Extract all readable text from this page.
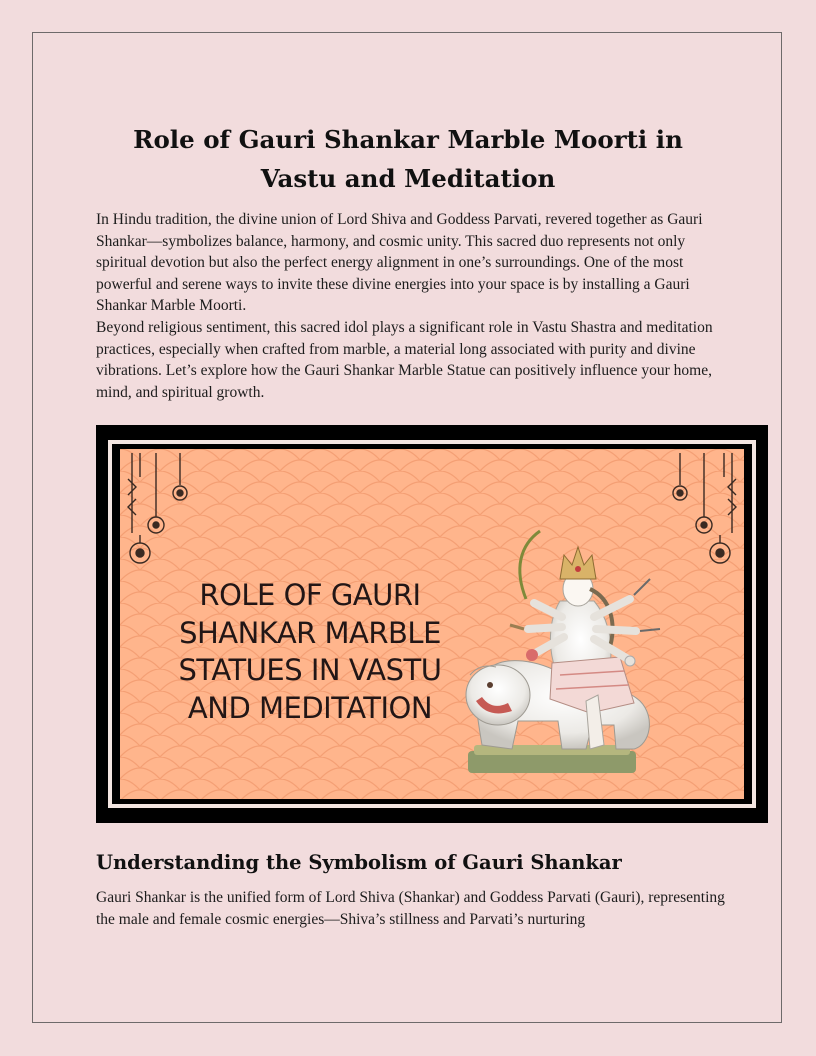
Role of Gauri Shankar Marble Moorti in Vastu and Meditation

In Hindu tradition, the divine union of Lord Shiva and Goddess Parvati, revered together as Gauri Shankar—symbolizes balance, harmony, and cosmic unity. This sacred duo represents not only spiritual devotion but also the perfect energy alignment in one’s surroundings. One of the most powerful and serene ways to invite these divine energies into your space is by installing a Gauri Shankar Marble Moorti.

Beyond religious sentiment, this sacred idol plays a significant role in Vastu Shastra and meditation practices, especially when crafted from marble, a material long associated with purity and divine vibrations. Let’s explore how the Gauri Shankar Marble Statue can positively influence your home, mind, and spiritual growth.

ROLE OF GAURI
SHANKAR MARBLE
STATUES IN VASTU
AND MEDITATION
Understanding the Symbolism of Gauri Shankar

Gauri Shankar is the unified form of Lord Shiva (Shankar) and Goddess Parvati (Gauri), representing the male and female cosmic energies—Shiva’s stillness and Parvati’s nurturing
